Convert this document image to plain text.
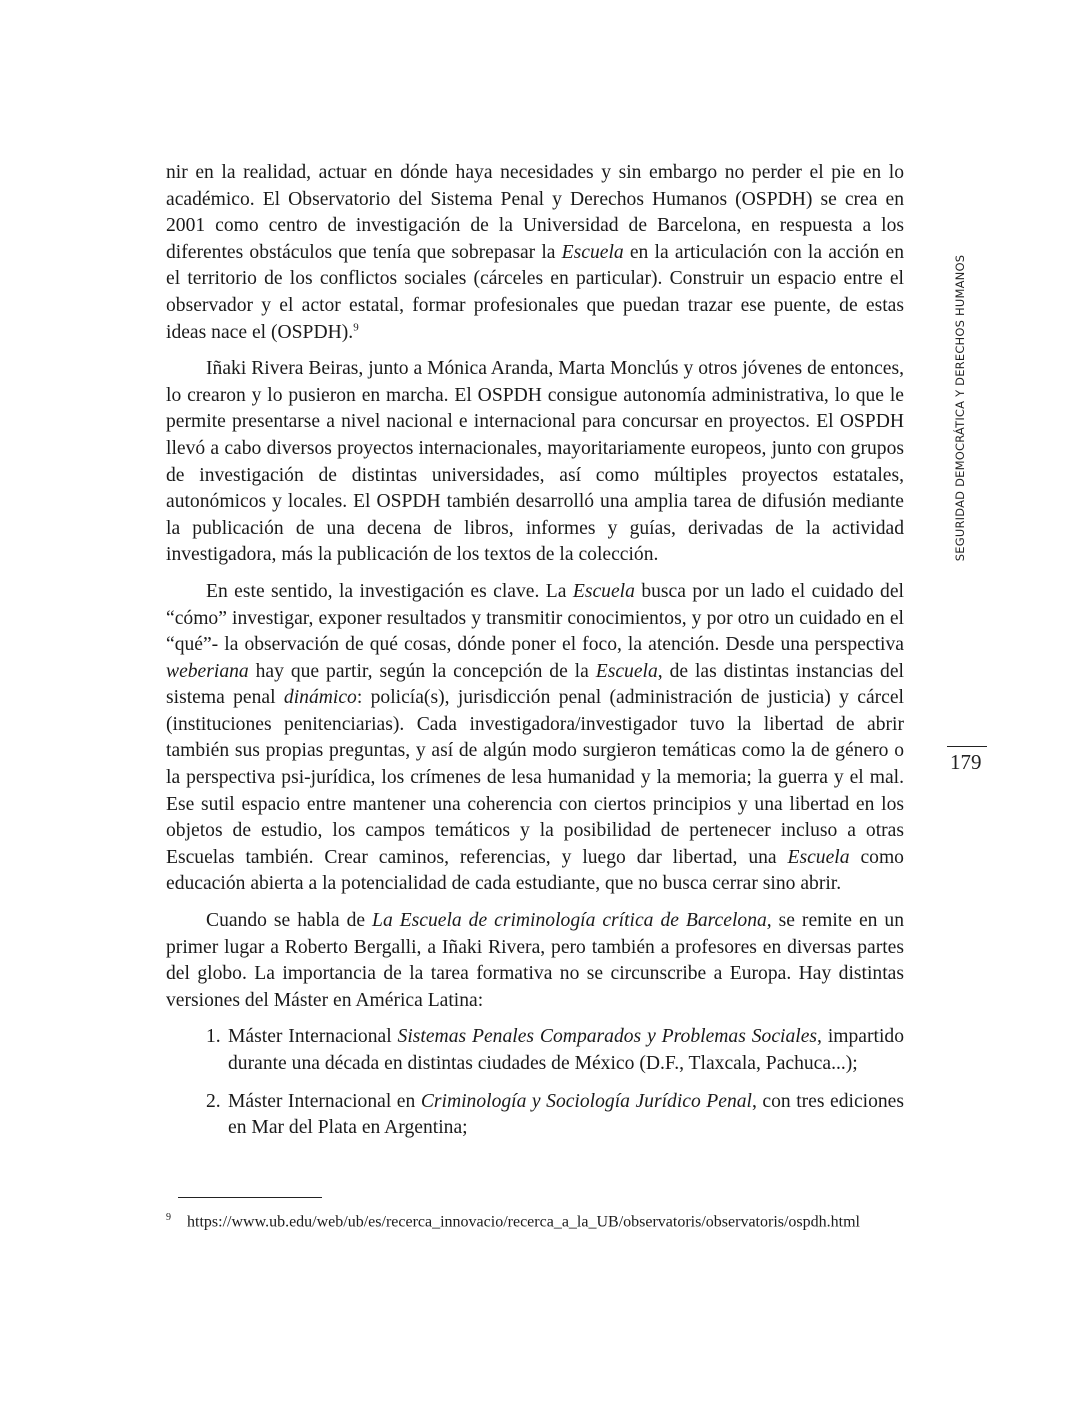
nir en la realidad, actuar en dónde haya necesidades y sin embargo no perder el pie en lo académico. El Observatorio del Sistema Penal y Derechos Humanos (OSPDH) se crea en 2001 como centro de investigación de la Universidad de Barcelona, en respuesta a los diferentes obstáculos que tenía que sobrepasar la Escuela en la articulación con la acción en el territorio de los conflictos sociales (cárceles en particular). Construir un espacio entre el observador y el actor estatal, formar profesionales que puedan trazar ese puente, de estas ideas nace el (OSPDH).$^9$

Iñaki Rivera Beiras, junto a Mónica Aranda, Marta Monclús y otros jóvenes de entonces, lo crearon y lo pusieron en marcha. El OSPDH consigue autonomía administrativa, lo que le permite presentarse a nivel nacional e internacional para concursar en proyectos. El OSPDH llevó a cabo diversos proyectos internacionales, mayoritariamente europeos, junto con grupos de investigación de distintas universidades, así como múltiples proyectos estatales, autonómicos y locales. El OSPDH también desarrolló una amplia tarea de difusión mediante la publicación de una decena de libros, informes y guías, derivadas de la actividad investigadora, más la publicación de los textos de la colección.

En este sentido, la investigación es clave. La Escuela busca por un lado el cuidado del “cómo” investigar, exponer resultados y transmitir conocimientos, y por otro un cuidado en el “qué”- la observación de qué cosas, dónde poner el foco, la atención. Desde una perspectiva weberiana hay que partir, según la concepción de la Escuela, de las distintas instancias del sistema penal dinámico: policía(s), jurisdicción penal (administración de justicia) y cárcel (instituciones penitenciarias). Cada investigadora/investigador tuvo la libertad de abrir también sus propias preguntas, y así de algún modo surgieron temáticas como la de género o la perspectiva psi-jurídica, los crímenes de lesa humanidad y la memoria; la guerra y el mal. Ese sutil espacio entre mantener una coherencia con ciertos principios y una libertad en los objetos de estudio, los campos temáticos y la posibilidad de pertenecer incluso a otras Escuelas también. Crear caminos, referencias, y luego dar libertad, una Escuela como educación abierta a la potencialidad de cada estudiante, que no busca cerrar sino abrir.

Cuando se habla de La Escuela de criminología crítica de Barcelona, se remite en un primer lugar a Roberto Bergalli, a Iñaki Rivera, pero también a profesores en diversas partes del globo. La importancia de la tarea formativa no se circunscribe a Europa. Hay distintas versiones del Máster en América Latina:

1. Máster Internacional Sistemas Penales Comparados y Problemas Sociales, impartido durante una década en distintas ciudades de México (D.F., Tlaxcala, Pachuca...);
2. Máster Internacional en Criminología y Sociología Jurídico Penal, con tres ediciones en Mar del Plata en Argentina;
SEGURIDAD DEMOCRÁTICA Y DERECHOS HUMANOS
179
$^9$ https://www.ub.edu/web/ub/es/recerca_innovacio/recerca_a_la_UB/observatoris/observatoris/ospdh.html
